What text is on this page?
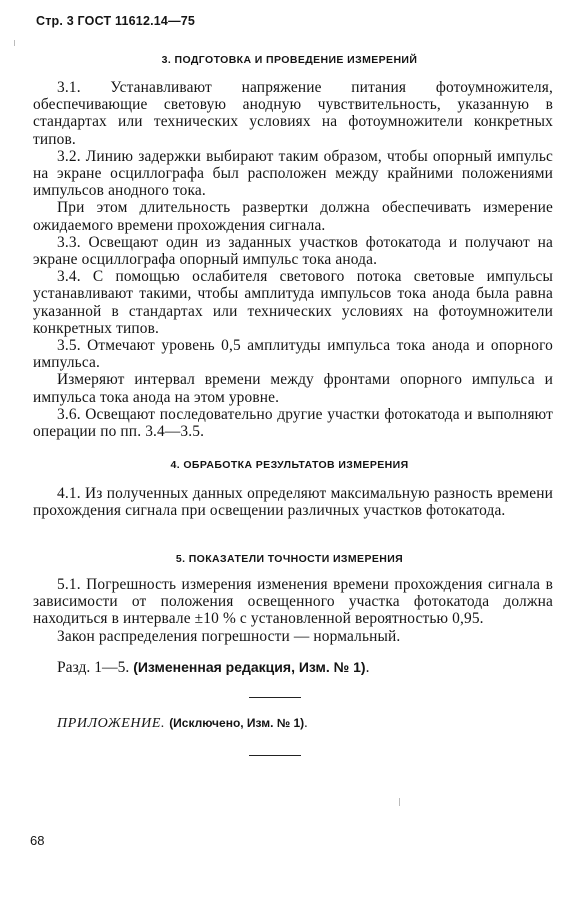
Стр. 3 ГОСТ 11612.14—75
3. ПОДГОТОВКА И ПРОВЕДЕНИЕ ИЗМЕРЕНИЙ

3.1. Устанавливают напряжение питания фотоумножителя, обеспечивающие световую анодную чувствительность, указанную в стандартах или технических условиях на фотоумножители конкретных типов.

3.2. Линию задержки выбирают таким образом, чтобы опорный импульс на экране осциллографа был расположен между крайними положениями импульсов анодного тока.

При этом длительность развертки должна обеспечивать измерение ожидаемого времени прохождения сигнала.

3.3. Освещают один из заданных участков фотокатода и получают на экране осциллографа опорный импульс тока анода.

3.4. С помощью ослабителя светового потока световые импульсы устанавливают такими, чтобы амплитуда импульсов тока анода была равна указанной в стандартах или технических условиях на фотоумножители конкретных типов.

3.5. Отмечают уровень 0,5 амплитуды импульса тока анода и опорного импульса.

Измеряют интервал времени между фронтами опорного импульса и импульса тока анода на этом уровне.

3.6. Освещают последовательно другие участки фотокатода и выполняют операции по пп. 3.4—3.5.

4. ОБРАБОТКА РЕЗУЛЬТАТОВ ИЗМЕРЕНИЯ

4.1. Из полученных данных определяют максимальную разность времени прохождения сигнала при освещении различных участков фотокатода.

5. ПОКАЗАТЕЛИ ТОЧНОСТИ ИЗМЕРЕНИЯ

5.1. Погрешность измерения изменения времени прохождения сигнала в зависимости от положения освещенного участка фотокатода должна находиться в интервале ±10 % с установленной вероятностью 0,95.

Закон распределения погрешности — нормальный.

Разд. 1—5. (Измененная редакция, Изм. № 1).
ПРИЛОЖЕНИЕ. (Исключено, Изм. № 1).
68
